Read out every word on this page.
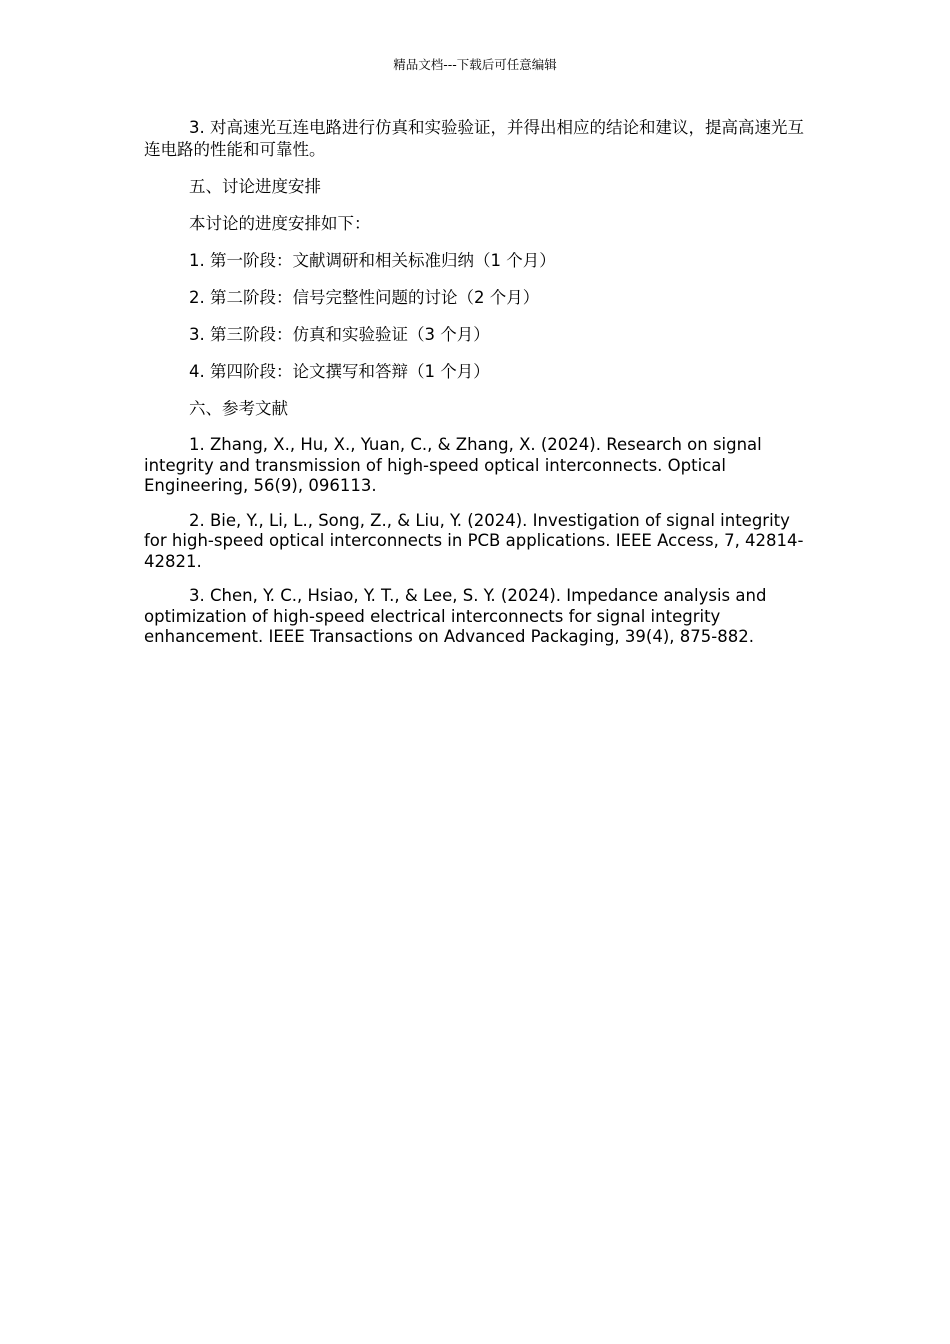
精品文档---下载后可任意编辑

3. 对高速光互连电路进行仿真和实验验证，并得出相应的结论和建议，提高高速光互连电路的性能和可靠性。

五、讨论进度安排

本讨论的进度安排如下：

1. 第一阶段：文献调研和相关标准归纳（1 个月）

2. 第二阶段：信号完整性问题的讨论（2 个月）

3. 第三阶段：仿真和实验验证（3 个月）

4. 第四阶段：论文撰写和答辩（1 个月）

六、参考文献

1. Zhang, X., Hu, X., Yuan, C., & Zhang, X. (2024). Research on signal integrity and transmission of high-speed optical interconnects. Optical Engineering, 56(9), 096113.

2. Bie, Y., Li, L., Song, Z., & Liu, Y. (2024). Investigation of signal integrity for high-speed optical interconnects in PCB applications. IEEE Access, 7, 42814-42821.

3. Chen, Y. C., Hsiao, Y. T., & Lee, S. Y. (2024). Impedance analysis and optimization of high-speed electrical interconnects for signal integrity enhancement. IEEE Transactions on Advanced Packaging, 39(4), 875-882.
